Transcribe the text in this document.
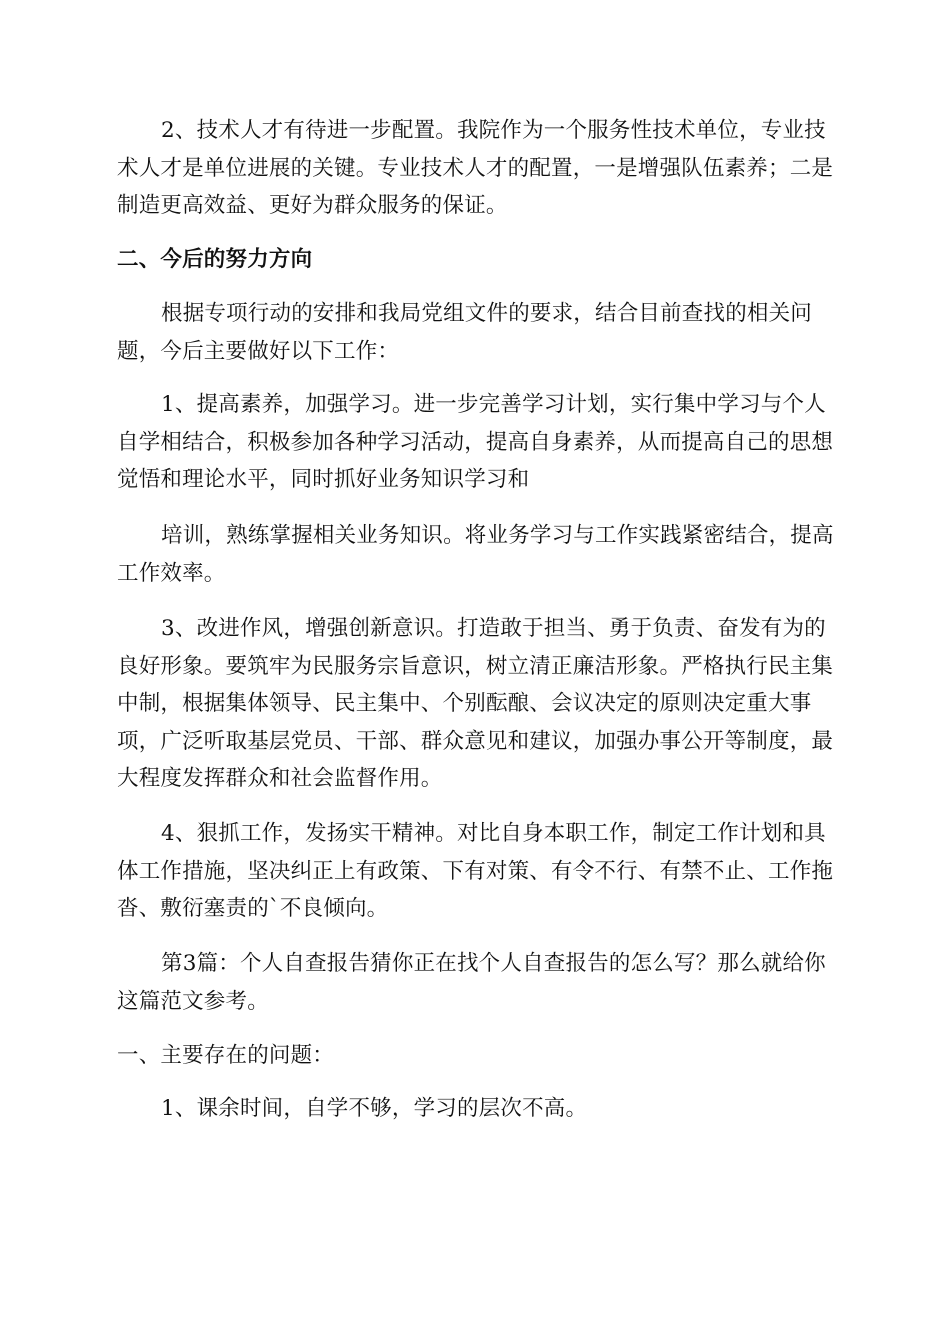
2、技术人才有待进一步配置。我院作为一个服务性技术单位，专业技术人才是单位进展的关键。专业技术人才的配置，一是增强队伍素养；二是制造更高效益、更好为群众服务的保证。

二、今后的努力方向

根据专项行动的安排和我局党组文件的要求，结合目前查找的相关问题，今后主要做好以下工作：

1、提高素养，加强学习。进一步完善学习计划，实行集中学习与个人自学相结合，积极参加各种学习活动，提高自身素养，从而提高自己的思想觉悟和理论水平，同时抓好业务知识学习和

培训，熟练掌握相关业务知识。将业务学习与工作实践紧密结合，提高工作效率。

3、改进作风，增强创新意识。打造敢于担当、勇于负责、奋发有为的良好形象。要筑牢为民服务宗旨意识，树立清正廉洁形象。严格执行民主集中制，根据集体领导、民主集中、个别酝酿、会议决定的原则决定重大事项，广泛听取基层党员、干部、群众意见和建议，加强办事公开等制度，最大程度发挥群众和社会监督作用。

4、狠抓工作，发扬实干精神。对比自身本职工作，制定工作计划和具体工作措施，坚决纠正上有政策、下有对策、有令不行、有禁不止、工作拖沓、敷衍塞责的`不良倾向。

第3篇：个人自查报告猜你正在找个人自查报告的怎么写？那么就给你这篇范文参考。

一、主要存在的问题：

1、课余时间，自学不够，学习的层次不高。
